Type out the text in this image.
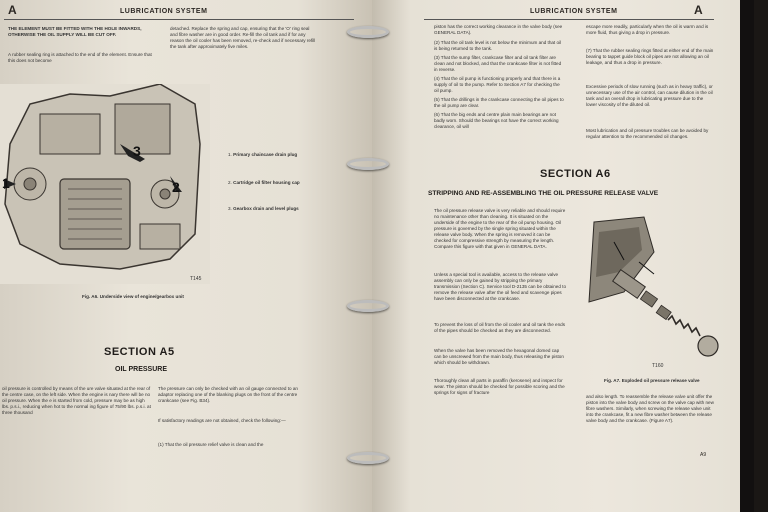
A	LUBRICATION SYSTEM
THE ELEMENT MUST BE FITTED WITH THE HOLE INWARDS, OTHERWISE THE OIL SUPPLY WILL BE CUT OFF.
A rubber sealing ring is attached to the end of the element. Ensure that this does not become
detached. Replace the spring and cap, ensuring that the 'O' ring seal and fibre washer are in good order. Re-fill the oil tank and if for any reason the oil cooler has been removed, re-check and if necessary refill the tank after approximately five miles.
1	2
3
T145
1. Primary chaincase drain plug
2. Cartridge oil filter housing cap
3. Gearbox drain and level plugs
Fig. A6. Underside view of engine/gearbox unit
SECTION A5
OIL PRESSURE
oil pressure is controlled by means of the ure valve situated at the rear of the centre case, on the left side. When the engine is nary there will be no oil pressure. When the e is started from cold, pressure may be as high lbs. p.s.i., reducing when hot to the normal ing figure of 75/90 lbs. p.s.i. at three thousand
The pressure can only be checked with an oil gauge connected to an adaptor replacing one of the blanking plugs on the front of the centre crankcase (see Fig. B34).
If satisfactory readings are not obtained, check the following:—
(1) That the oil pressure relief valve is clean and the
LUBRICATION SYSTEM	A
piston has the correct working clearance in the valve body (see GENERAL DATA).

(2) That the oil tank level is not below the minimum and that oil is being returned to the tank.

(3) That the sump filter, crankcase filter and oil tank filter are clean and not blocked, and that the crankcase filter is not fitted in reverse.

(4) That the oil pump is functioning properly and that there is a supply of oil to the pump. Refer to Section A7 for checking the oil pump.

(5) That the drillings in the crankcase connecting the oil pipes to the oil pump are clear.

(6) That the big ends and centre plain main bearings are not badly worn. Should the bearings not have the correct working clearance, oil will

escape more readily, particularly when the oil is warm and is more fluid, thus giving a drop in pressure.
(7) That the rubber sealing rings fitted at either end of the main bearing to tappet guide block oil pipes are not allowing an oil leakage, and thus a drop in pressure.
Excessive periods of slow running (such as in heavy traffic), or unnecessary use of the air control, can cause dilution in the oil tank and an overall drop in lubricating pressure due to the lower viscosity of the diluted oil.
Most lubrication and oil pressure troubles can be avoided by regular attention to the recommended oil changes.
SECTION A6
STRIPPING AND RE-ASSEMBLING THE OIL PRESSURE RELEASE VALVE
The oil pressure release valve is very reliable and should require no maintenance other than cleaning. It is situated on the underside of the engine to the rear of the oil pump housing. Oil pressure is governed by the single spring situated within the release valve body. When the spring is removed it can be checked for compressive strength by measuring the length. Compare this figure with that given in GENERAL DATA.
Unless a special tool is available, access to the release valve assembly can only be gained by stripping the primary transmission (Section C). Service tool D-2135 can be obtained to remove the release valve after the oil feed and scavenge pipes have been disconnected at the crankcase.
To prevent the loss of oil from the oil cooler and oil tank the ends of the pipes should be checked as they are disconnected.
When the valve has been removed the hexagonal domed cap can be unscrewed from the main body, thus releasing the piston which should be withdrawn.
Thoroughly clean all parts in paraffin (kerosene) and inspect for wear. The piston should be checked for possible scoring and the springs for signs of fracture
T160
Fig. A7. Exploded oil pressure release valve
and also length. To reassemble the release valve unit offer the piston into the valve body and screw on the valve cap with new fibre washers. Similarly, when screwing the release valve unit into the crankcase, fit a new fibre washer between the release valve body and the crankcase. (Figure A7).
A9
